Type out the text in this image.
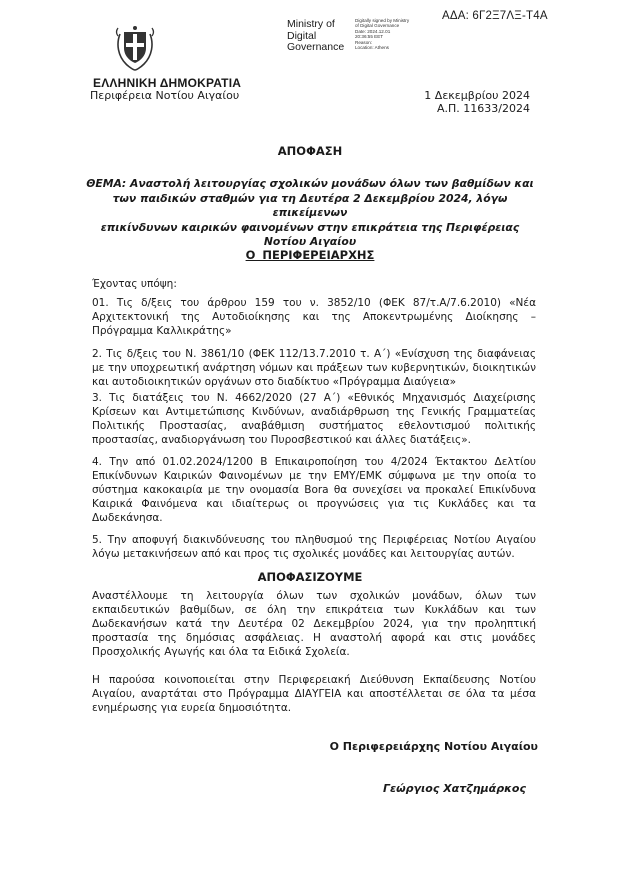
ΑΔΑ: 6Γ2Ξ7ΛΞ-Τ4Α
Ministry of
Digital
Governance
Digitally signed by Ministry
of Digital Governance
Date: 2024.12.01
20:36:55 EET
Reason:
Location: Athens
ΕΛΛΗΝΙΚΗ ΔΗΜΟΚΡΑΤΙΑ
Περιφέρεια Νοτίου Αιγαίου	1 Δεκεμβρίου 2024
Α.Π. 11633/2024
ΑΠΟΦΑΣΗ
ΘΕΜΑ: Αναστολή λειτουργίας σχολικών μονάδων όλων των βαθμίδων και
των παιδικών σταθμών για τη Δευτέρα 2 Δεκεμβρίου 2024, λόγω επικείμενων
επικίνδυνων καιρικών φαινομένων στην επικράτεια της Περιφέρειας Νοτίου Αιγαίου
Ο ΠΕΡΙΦΕΡΕΙΑΡΧΗΣ
Έχοντας υπόψη:
01. Τις δ/ξεις του άρθρου 159 του ν. 3852/10 (ΦΕΚ 87/τ.Α/7.6.2010) «Νέα Αρχιτεκτονική της Αυτοδιοίκησης και της Αποκεντρωμένης Διοίκησης – Πρόγραμμα Καλλικράτης»
2. Τις δ/ξεις του Ν. 3861/10 (ΦΕΚ 112/13.7.2010 τ. Α΄) «Ενίσχυση της διαφάνειας με την υποχρεωτική ανάρτηση νόμων και πράξεων των κυβερνητικών, διοικητικών και αυτοδιοικητικών οργάνων στο διαδίκτυο «Πρόγραμμα Διαύγεια»
3. Τις διατάξεις του Ν. 4662/2020 (27 Α΄) «Εθνικός Μηχανισμός Διαχείρισης Κρίσεων και Αντιμετώπισης Κινδύνων, αναδιάρθρωση της Γενικής Γραμματείας Πολιτικής Προστασίας, αναβάθμιση συστήματος εθελοντισμού πολιτικής προστασίας, αναδιοργάνωση του Πυροσβεστικού και άλλες διατάξεις».
4. Την από 01.02.2024/1200 Β Επικαιροποίηση του 4/2024 Έκτακτου Δελτίου Επικίνδυνων Καιρικών Φαινομένων με την ΕΜΥ/ΕΜΚ σύμφωνα με την οποία το σύστημα κακοκαιρία με την ονομασία Bora θα συνεχίσει να προκαλεί Επικίνδυνα Καιρικά Φαινόμενα και ιδιαίτερως οι προγνώσεις για τις Κυκλάδες και τα Δωδεκάνησα.
5. Την αποφυγή διακινδύνευσης του πληθυσμού της Περιφέρειας Νοτίου Αιγαίου λόγω μετακινήσεων από και προς τις σχολικές μονάδες και λειτουργίας αυτών.
ΑΠΟΦΑΣΙΖΟΥΜΕ
Αναστέλλουμε τη λειτουργία όλων των σχολικών μονάδων, όλων των εκπαιδευτικών βαθμίδων, σε όλη την επικράτεια των Κυκλάδων και των Δωδεκανήσων κατά την Δευτέρα 02 Δεκεμβρίου 2024, για την προληπτική προστασία της δημόσιας ασφάλειας. Η αναστολή αφορά και στις μονάδες Προσχολικής Αγωγής και όλα τα Ειδικά Σχολεία.
Η παρούσα κοινοποιείται στην Περιφερειακή Διεύθυνση Εκπαίδευσης Νοτίου Αιγαίου, αναρτάται στο Πρόγραμμα ΔΙΑΥΓΕΙΑ και αποστέλλεται σε όλα τα μέσα ενημέρωσης για ευρεία δημοσιότητα.
Ο Περιφερειάρχης Νοτίου Αιγαίου
Γεώργιος Χατζημάρκος
